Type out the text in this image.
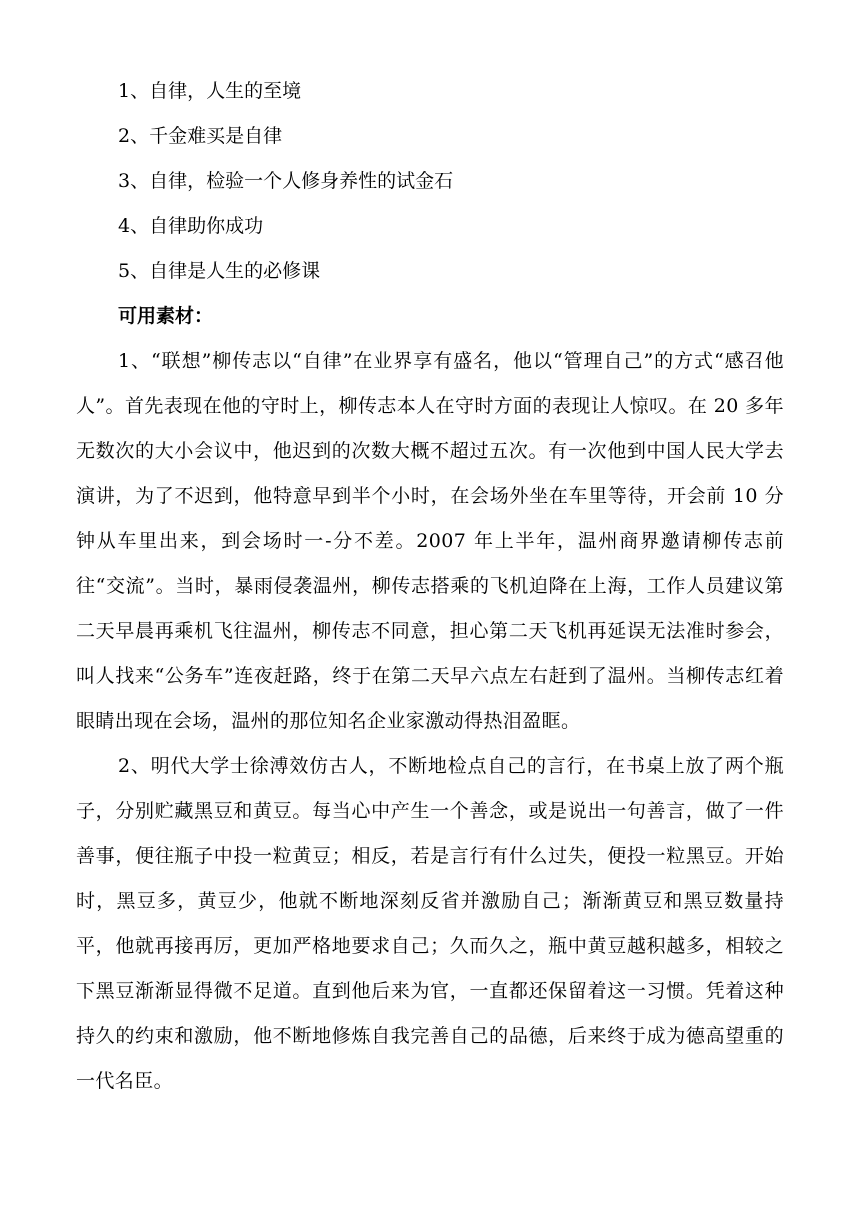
1、自律，人生的至境

2、千金难买是自律

3、自律，检验一个人修身养性的试金石

4、自律助你成功

5、自律是人生的必修课

可用素材：

1、“联想”柳传志以“自律”在业界享有盛名，他以“管理自己”的方式“感召他人”。首先表现在他的守时上，柳传志本人在守时方面的表现让人惊叹。在 20 多年无数次的大小会议中，他迟到的次数大概不超过五次。有一次他到中国人民大学去演讲，为了不迟到，他特意早到半个小时，在会场外坐在车里等待，开会前 10 分钟从车里出来，到会场时一-分不差。2007 年上半年，温州商界邀请柳传志前往“交流”。当时，暴雨侵袭温州，柳传志搭乘的飞机迫降在上海，工作人员建议第二天早晨再乘机飞往温州，柳传志不同意，担心第二天飞机再延误无法准时参会，叫人找来“公务车”连夜赶路，终于在第二天早六点左右赶到了温州。当柳传志红着眼睛出现在会场，温州的那位知名企业家激动得热泪盈眶。

2、明代大学士徐溥效仿古人，不断地检点自己的言行，在书桌上放了两个瓶子，分别贮藏黑豆和黄豆。每当心中产生一个善念，或是说出一句善言，做了一件善事，便往瓶子中投一粒黄豆；相反，若是言行有什么过失，便投一粒黑豆。开始时，黑豆多，黄豆少，他就不断地深刻反省并激励自己；渐渐黄豆和黑豆数量持平，他就再接再厉，更加严格地要求自己；久而久之，瓶中黄豆越积越多，相较之下黑豆渐渐显得微不足道。直到他后来为官，一直都还保留着这一习惯。凭着这种持久的约束和激励，他不断地修炼自我完善自己的品德，后来终于成为德高望重的一代名臣。
